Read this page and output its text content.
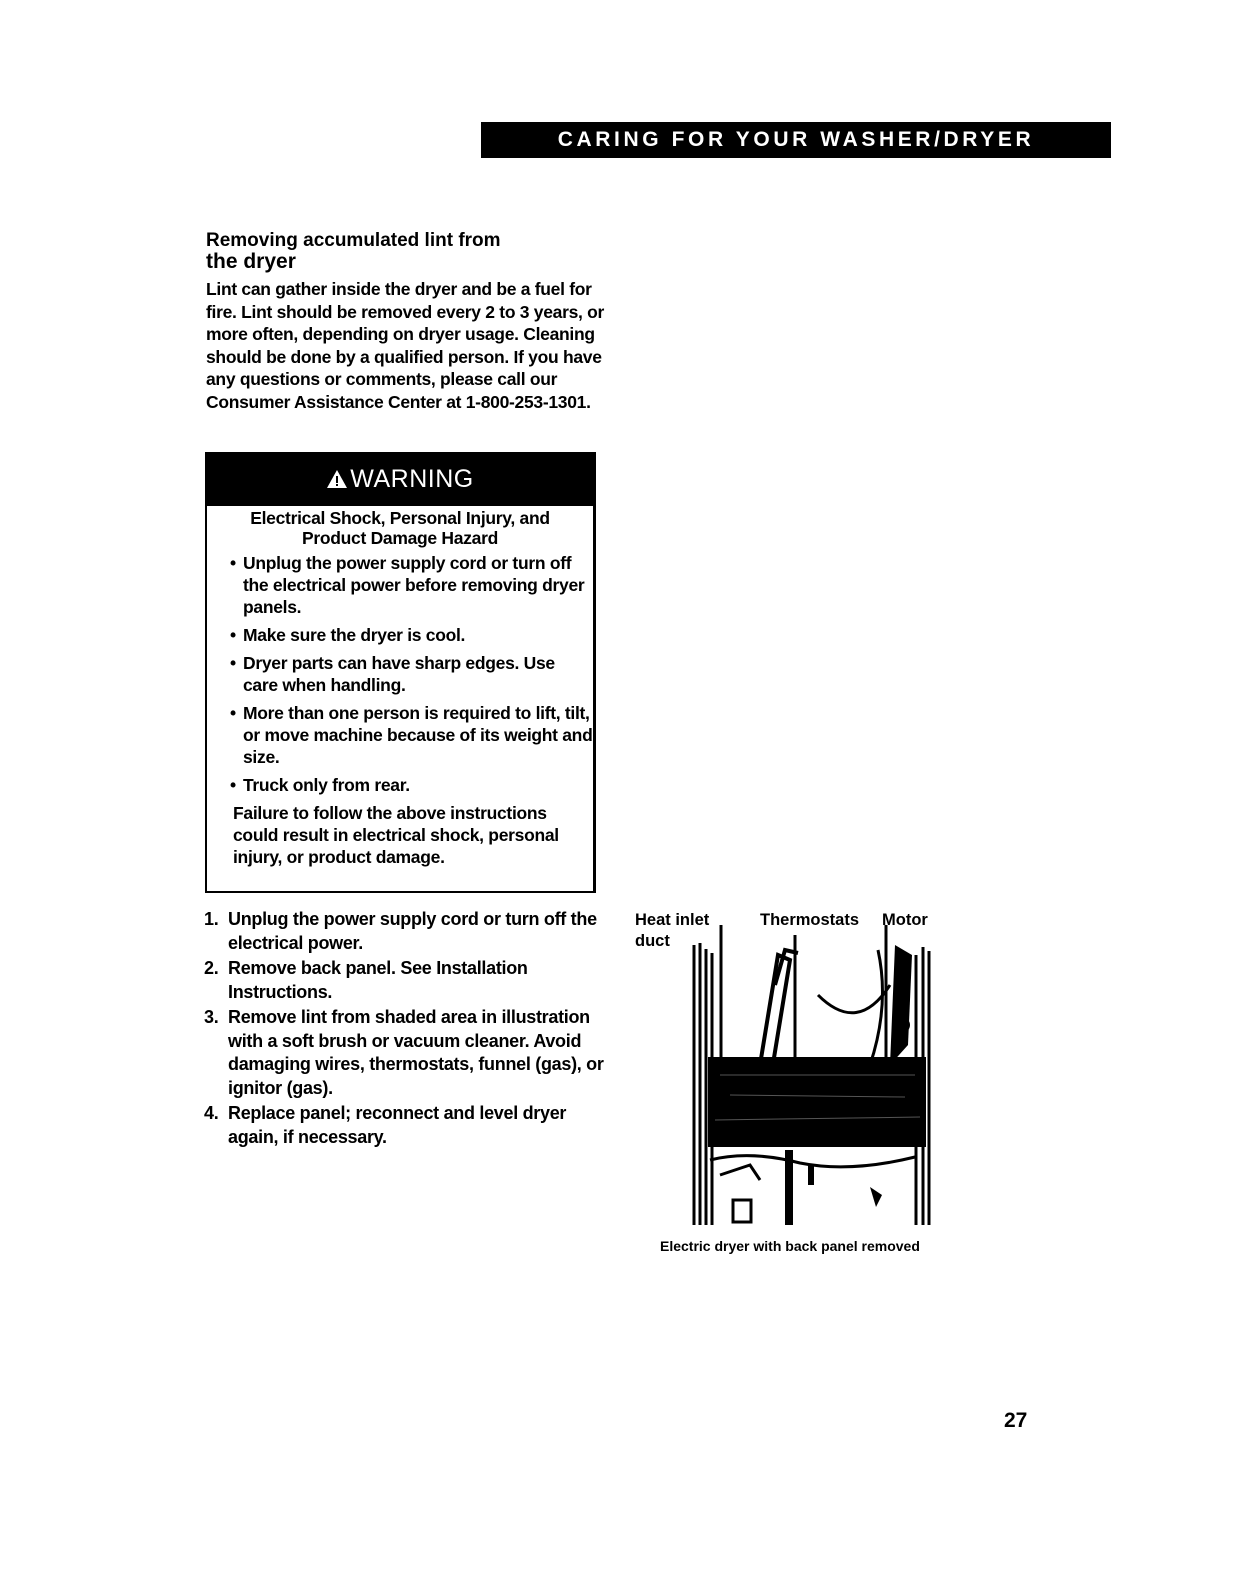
CARING FOR YOUR WASHER/DRYER
Removing accumulated lint from
the dryer

Lint can gather inside the dryer and be a fuel for fire. Lint should be removed every 2 to 3 years, or more often, depending on dryer usage. Cleaning should be done by a qualified person. If you have any questions or comments, please call our Consumer Assistance Center at 1-800-253-1301.

WARNING

Electrical Shock, Personal Injury, and Product Damage Hazard

• Unplug the power supply cord or turn off the electrical power before removing dryer panels.
• Make sure the dryer is cool.
• Dryer parts can have sharp edges. Use care when handling.
• More than one person is required to lift, tilt, or move machine because of its weight and size.
• Truck only from rear.

Failure to follow the above instructions could result in electrical shock, personal injury, or product damage.

1. Unplug the power supply cord or turn off the electrical power.
2. Remove back panel. See Installation Instructions.
3. Remove lint from shaded area in illustration with a soft brush or vacuum cleaner. Avoid damaging wires, thermostats, funnel (gas), or ignitor (gas).
4. Replace panel; reconnect and level dryer again, if necessary.
Heat inlet
duct
Thermostats Motor
Electric dryer with back panel removed
27
